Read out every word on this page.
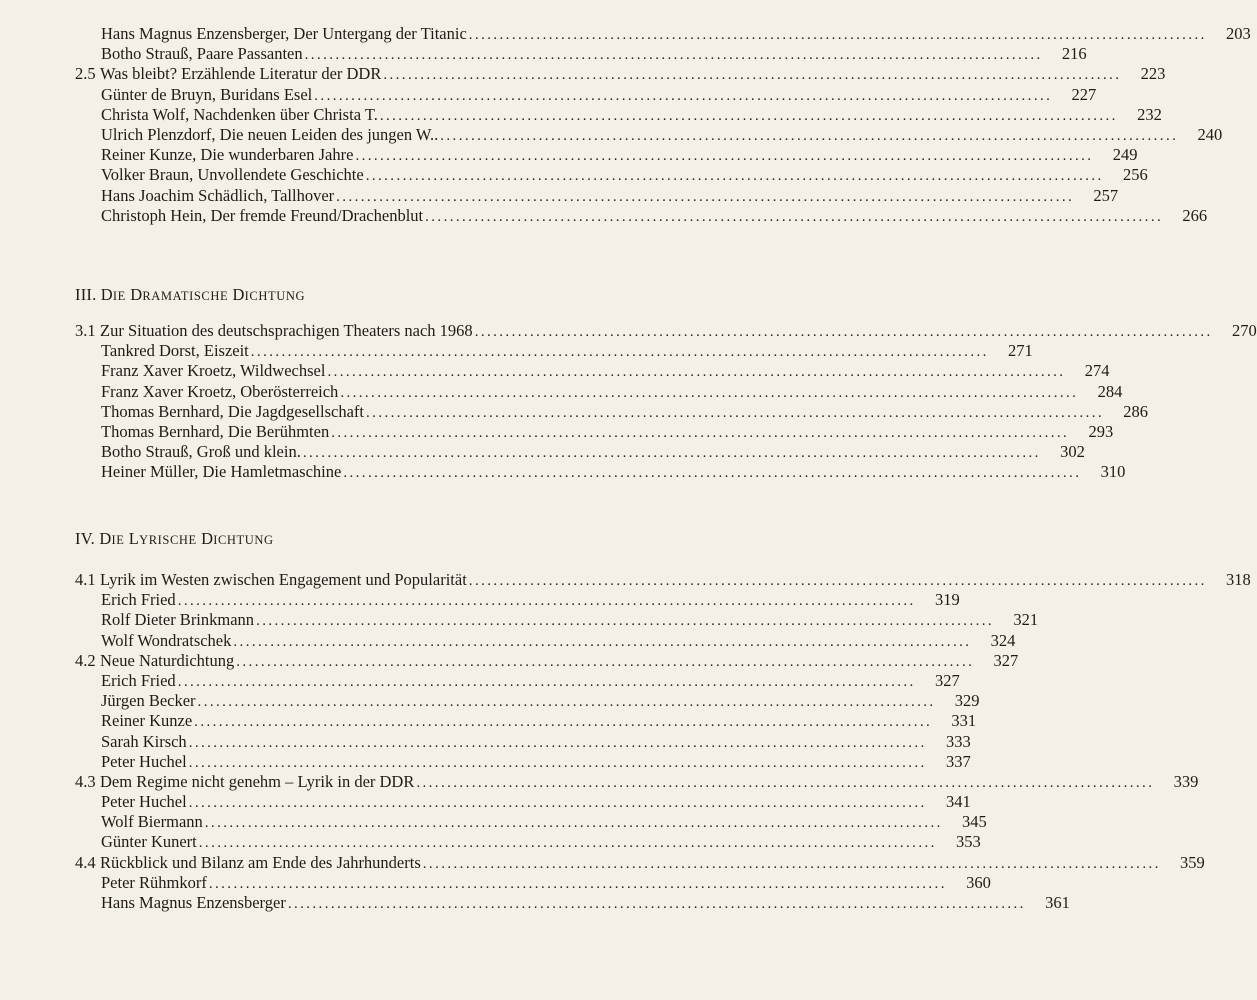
Hans Magnus Enzensberger, Der Untergang der Titanic ........................................................................................................................	203
Botho Strauß, Paare Passanten ........................................................................................................................	216
2.5 Was bleibt? Erzählende Literatur der DDR ........................................................................................................................	223
Günter de Bruyn, Buridans Esel ........................................................................................................................	227
Christa Wolf, Nachdenken über Christa T. ........................................................................................................................	232
Ulrich Plenzdorf, Die neuen Leiden des jungen W.. ........................................................................................................................	240
Reiner Kunze, Die wunderbaren Jahre ........................................................................................................................	249
Volker Braun, Unvollendete Geschichte ........................................................................................................................	256
Hans Joachim Schädlich, Tallhover ........................................................................................................................	257
Christoph Hein, Der fremde Freund/Drachenblut ........................................................................................................................	266
III. DIE DRAMATISCHE DICHTUNG
3.1 Zur Situation des deutschsprachigen Theaters nach 1968 ........................................................................................................................	270
Tankred Dorst, Eiszeit ........................................................................................................................	271
Franz Xaver Kroetz, Wildwechsel ........................................................................................................................	274
Franz Xaver Kroetz, Oberösterreich ........................................................................................................................	284
Thomas Bernhard, Die Jagdgesellschaft ........................................................................................................................	286
Thomas Bernhard, Die Berühmten ........................................................................................................................	293
Botho Strauß, Groß und klein. ........................................................................................................................	302
Heiner Müller, Die Hamletmaschine ........................................................................................................................	310
IV. DIE LYRISCHE DICHTUNG
4.1 Lyrik im Westen zwischen Engagement und Popularität ........................................................................................................................	318
Erich Fried ........................................................................................................................	319
Rolf Dieter Brinkmann ........................................................................................................................	321
Wolf Wondratschek ........................................................................................................................	324
4.2 Neue Naturdichtung ........................................................................................................................	327
Erich Fried ........................................................................................................................	327
Jürgen Becker ........................................................................................................................	329
Reiner Kunze ........................................................................................................................	331
Sarah Kirsch ........................................................................................................................	333
Peter Huchel ........................................................................................................................	337
4.3 Dem Regime nicht genehm – Lyrik in der DDR ........................................................................................................................	339
Peter Huchel ........................................................................................................................	341
Wolf Biermann ........................................................................................................................	345
Günter Kunert ........................................................................................................................	353
4.4 Rückblick und Bilanz am Ende des Jahrhunderts ........................................................................................................................	359
Peter Rühmkorf ........................................................................................................................	360
Hans Magnus Enzensberger ........................................................................................................................	361
